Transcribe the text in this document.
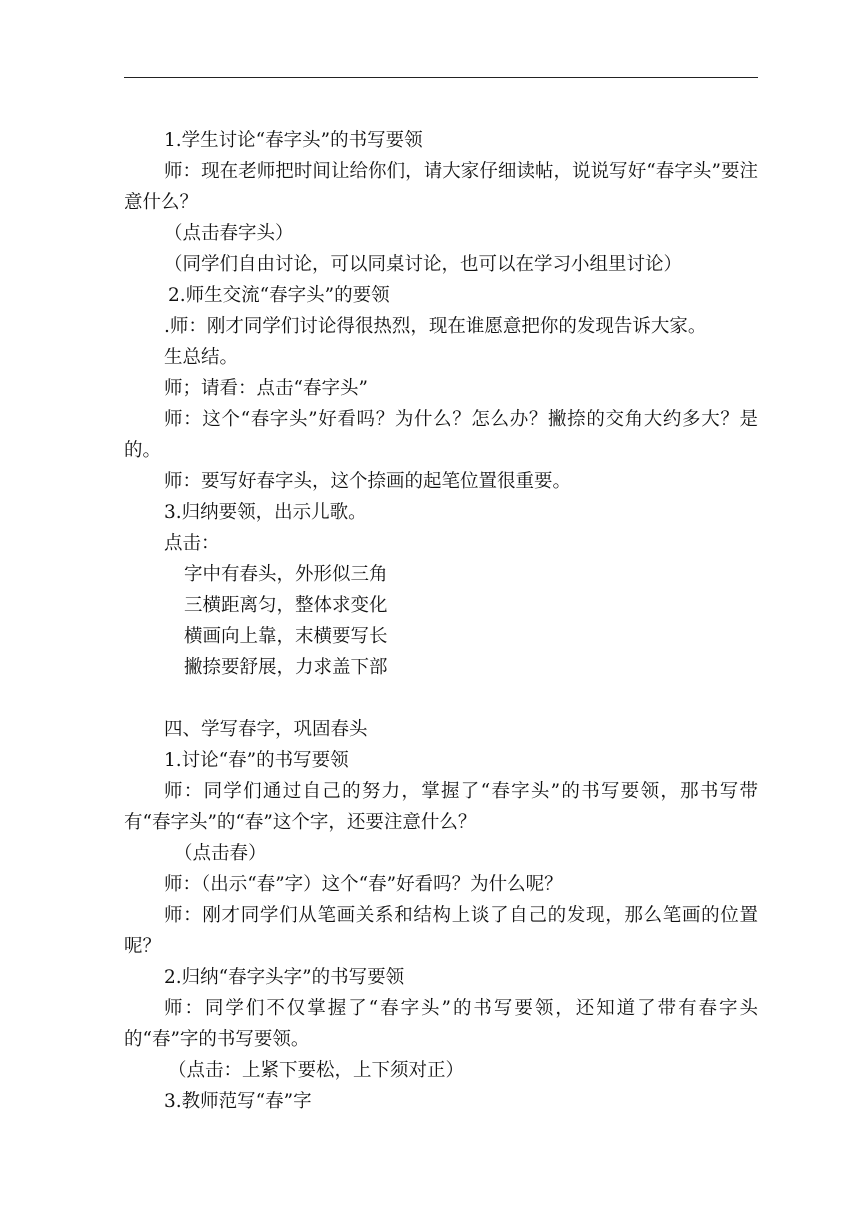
1.学生讨论“春字头”的书写要领
师：现在老师把时间让给你们，请大家仔细读帖，说说写好“春字头”要注意什么？
（点击春字头）
（同学们自由讨论，可以同桌讨论，也可以在学习小组里讨论）
2.师生交流“春字头”的要领
.师：刚才同学们讨论得很热烈，现在谁愿意把你的发现告诉大家。
生总结。
师；请看：点击“春字头”
师：这个“春字头”好看吗？为什么？怎么办？撇捺的交角大约多大？是的。
师：要写好春字头，这个捺画的起笔位置很重要。
3.归纳要领，出示儿歌。
点击：
字中有春头，外形似三角
三横距离匀，整体求变化
横画向上靠，末横要写长
撇捺要舒展，力求盖下部
四、学写春字，巩固春头
1.讨论“春”的书写要领
师：同学们通过自己的努力，掌握了“春字头”的书写要领，那书写带有“春字头”的“春”这个字，还要注意什么？
（点击春）
师：（出示“春”字）这个“春”好看吗？为什么呢？
师：刚才同学们从笔画关系和结构上谈了自己的发现，那么笔画的位置呢？
2.归纳“春字头字”的书写要领
师：同学们不仅掌握了“春字头”的书写要领，还知道了带有春字头的“春”字的书写要领。
（点击：上紧下要松，上下须对正）
3.教师范写“春”字
